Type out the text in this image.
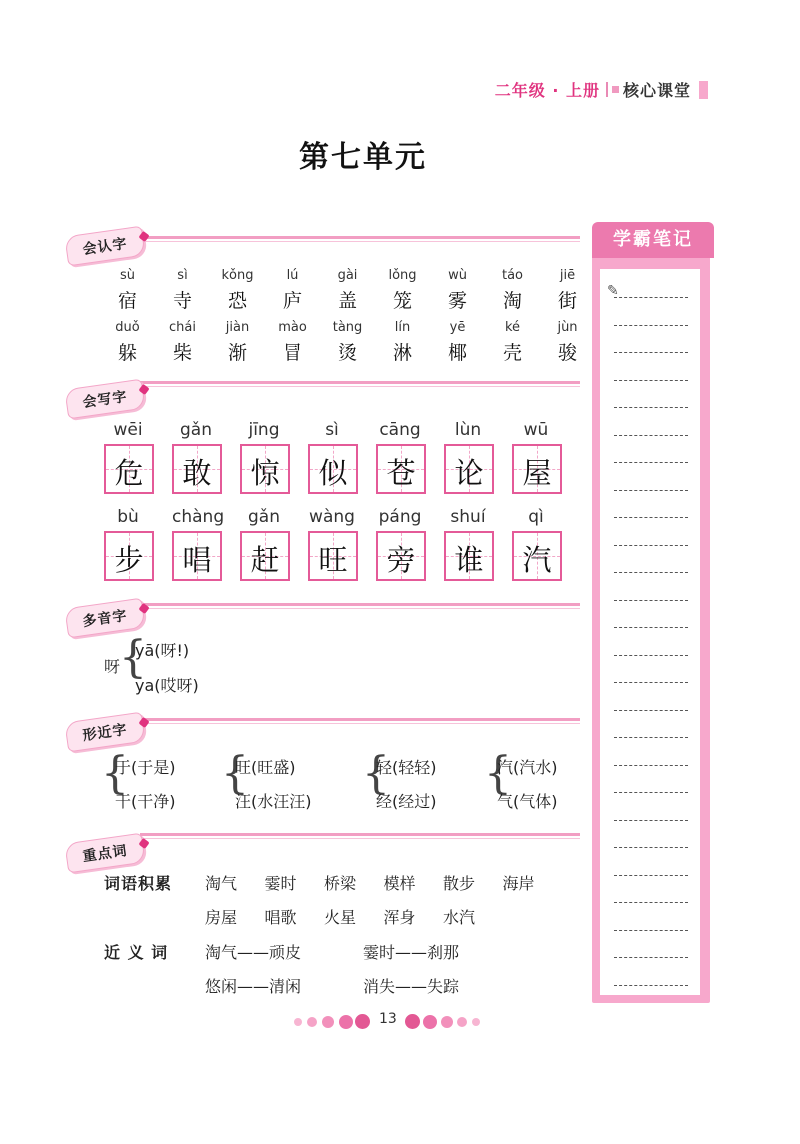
二年级 · 上册 核心课堂
第七单元
会认字
sù
宿
sì
寺
kǒng
恐
lú
庐
gài
盖
lǒng
笼
wù
雾
táo
淘
jiē
街
duǒ
躲
chái
柴
jiàn
渐
mào
冒
tàng
烫
lín
淋
yē
椰
ké
壳
jùn
骏
会写字
wēi
危
gǎn
敢
jīng
惊
sì
似
cāng
苍
lùn
论
wū
屋
bù
步
chàng
唱
gǎn
赶
wàng
旺
páng
旁
shuí
谁
qì
汽
多音字
呀
{
yā(呀!)
ya(哎呀)
形近字
{
于(于是)
干(干净)
{
旺(旺盛)
汪(水汪汪)
{
轻(轻轻)
经(经过)
{
汽(汽水)
气(气体)
重点词
词语积累 淘气 霎时 桥梁 模样 散步 海岸
房屋 唱歌 火星 浑身 水汽
近 义 词 淘气——顽皮	霎时——刹那
悠闲——清闲	消失——失踪
✎
学霸笔记
13
